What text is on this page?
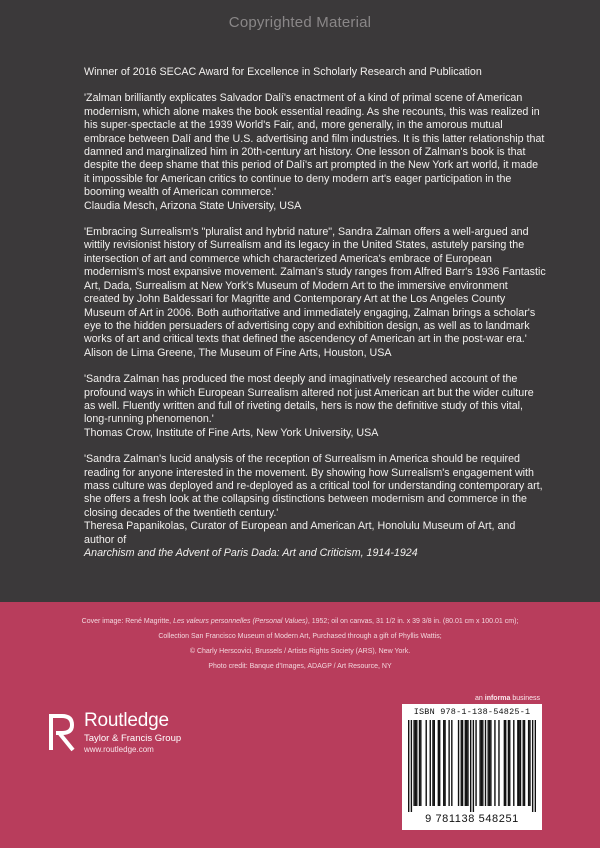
Copyrighted Material

Winner of 2016 SECAC Award for Excellence in Scholarly Research and Publication

'Zalman brilliantly explicates Salvador Dalí's enactment of a kind of primal scene of American modernism, which alone makes the book essential reading. As she recounts, this was realized in his super-spectacle at the 1939 World's Fair, and, more generally, in the amorous mutual embrace between Dalí and the U.S. advertising and film industries. It is this latter relationship that damned and marginalized him in 20th-century art history. One lesson of Zalman's book is that despite the deep shame that this period of Dalí's art prompted in the New York art world, it made it impossible for American critics to continue to deny modern art's eager participation in the booming wealth of American commerce.'

Claudia Mesch, Arizona State University, USA

'Embracing Surrealism's "pluralist and hybrid nature", Sandra Zalman offers a well-argued and wittily revisionist history of Surrealism and its legacy in the United States, astutely parsing the intersection of art and commerce which characterized America's embrace of European modernism's most expansive movement. Zalman's study ranges from Alfred Barr's 1936 Fantastic Art, Dada, Surrealism at New York's Museum of Modern Art to the immersive environment created by John Baldessari for Magritte and Contemporary Art at the Los Angeles County Museum of Art in 2006. Both authoritative and immediately engaging, Zalman brings a scholar's eye to the hidden persuaders of advertising copy and exhibition design, as well as to landmark works of art and critical texts that defined the ascendency of American art in the post-war era.'

Alison de Lima Greene, The Museum of Fine Arts, Houston, USA

'Sandra Zalman has produced the most deeply and imaginatively researched account of the profound ways in which European Surrealism altered not just American art but the wider culture as well. Fluently written and full of riveting details, hers is now the definitive study of this vital, long-running phenomenon.'

Thomas Crow, Institute of Fine Arts, New York University, USA

'Sandra Zalman's lucid analysis of the reception of Surrealism in America should be required reading for anyone interested in the movement. By showing how Surrealism's engagement with mass culture was deployed and re-deployed as a critical tool for understanding contemporary art, she offers a fresh look at the collapsing distinctions between modernism and commerce in the closing decades of the twentieth century.'

Theresa Papanikolas, Curator of European and American Art, Honolulu Museum of Art, and author of

Anarchism and the Advent of Paris Dada: Art and Criticism, 1914-1924

Cover image: René Magritte, Les valeurs personnelles (Personal Values), 1952; oil on canvas, 31 1/2 in. x 39 3/8 in. (80.01 cm x 100.01 cm);

Collection San Francisco Museum of Modern Art, Purchased through a gift of Phyllis Wattis;

© Charly Herscovici, Brussels / Artists Rights Society (ARS), New York.

Photo credit: Banque d'Images, ADAGP / Art Resource, NY

an informa business
Routledge
Taylor & Francis Group
www.routledge.com
ISBN 978-1-138-54825-1
9 781138 548251
